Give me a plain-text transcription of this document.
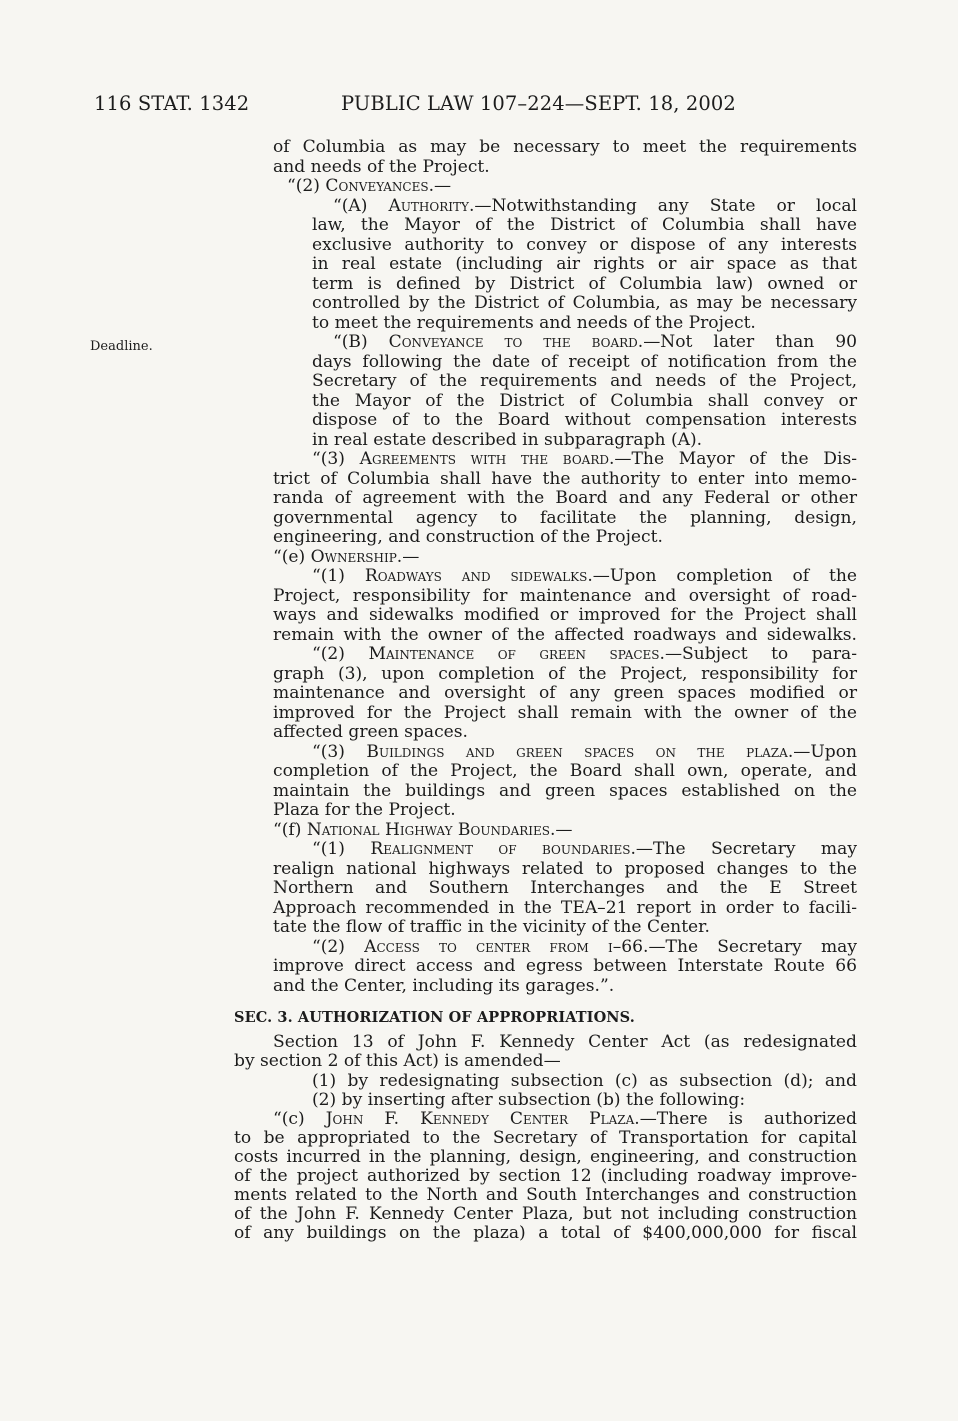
116 STAT. 1342	PUBLIC LAW 107–224—SEPT. 18, 2002
Deadline.
of Columbia as may be necessary to meet the requirements
and needs of the Project.
“(2) Conveyances.—
“(A) Authority.—Notwithstanding any State or local
law, the Mayor of the District of Columbia shall have
exclusive authority to convey or dispose of any interests
in real estate (including air rights or air space as that
term is defined by District of Columbia law) owned or
controlled by the District of Columbia, as may be necessary
to meet the requirements and needs of the Project.
“(B) Conveyance to the board.—Not later than 90
days following the date of receipt of notification from the
Secretary of the requirements and needs of the Project,
the Mayor of the District of Columbia shall convey or
dispose of to the Board without compensation interests
in real estate described in subparagraph (A).
“(3) Agreements with the board.—The Mayor of the Dis-
trict of Columbia shall have the authority to enter into memo-
randa of agreement with the Board and any Federal or other
governmental agency to facilitate the planning, design,
engineering, and construction of the Project.
“(e) Ownership.—
“(1) Roadways and sidewalks.—Upon completion of the
Project, responsibility for maintenance and oversight of road-
ways and sidewalks modified or improved for the Project shall
remain with the owner of the affected roadways and sidewalks.
“(2) Maintenance of green spaces.—Subject to para-
graph (3), upon completion of the Project, responsibility for
maintenance and oversight of any green spaces modified or
improved for the Project shall remain with the owner of the
affected green spaces.
“(3) Buildings and green spaces on the plaza.—Upon
completion of the Project, the Board shall own, operate, and
maintain the buildings and green spaces established on the
Plaza for the Project.
“(f) National Highway Boundaries.—
“(1) Realignment of boundaries.—The Secretary may
realign national highways related to proposed changes to the
Northern and Southern Interchanges and the E Street
Approach recommended in the TEA–21 report in order to facili-
tate the flow of traffic in the vicinity of the Center.
“(2) Access to center from i–66.—The Secretary may
improve direct access and egress between Interstate Route 66
and the Center, including its garages.”.
SEC. 3. AUTHORIZATION OF APPROPRIATIONS.
Section 13 of John F. Kennedy Center Act (as redesignated
by section 2 of this Act) is amended—
(1) by redesignating subsection (c) as subsection (d); and
(2) by inserting after subsection (b) the following:
“(c) John F. Kennedy Center Plaza.—There is authorized
to be appropriated to the Secretary of Transportation for capital
costs incurred in the planning, design, engineering, and construction
of the project authorized by section 12 (including roadway improve-
ments related to the North and South Interchanges and construction
of the John F. Kennedy Center Plaza, but not including construction
of any buildings on the plaza) a total of $400,000,000 for fiscal
